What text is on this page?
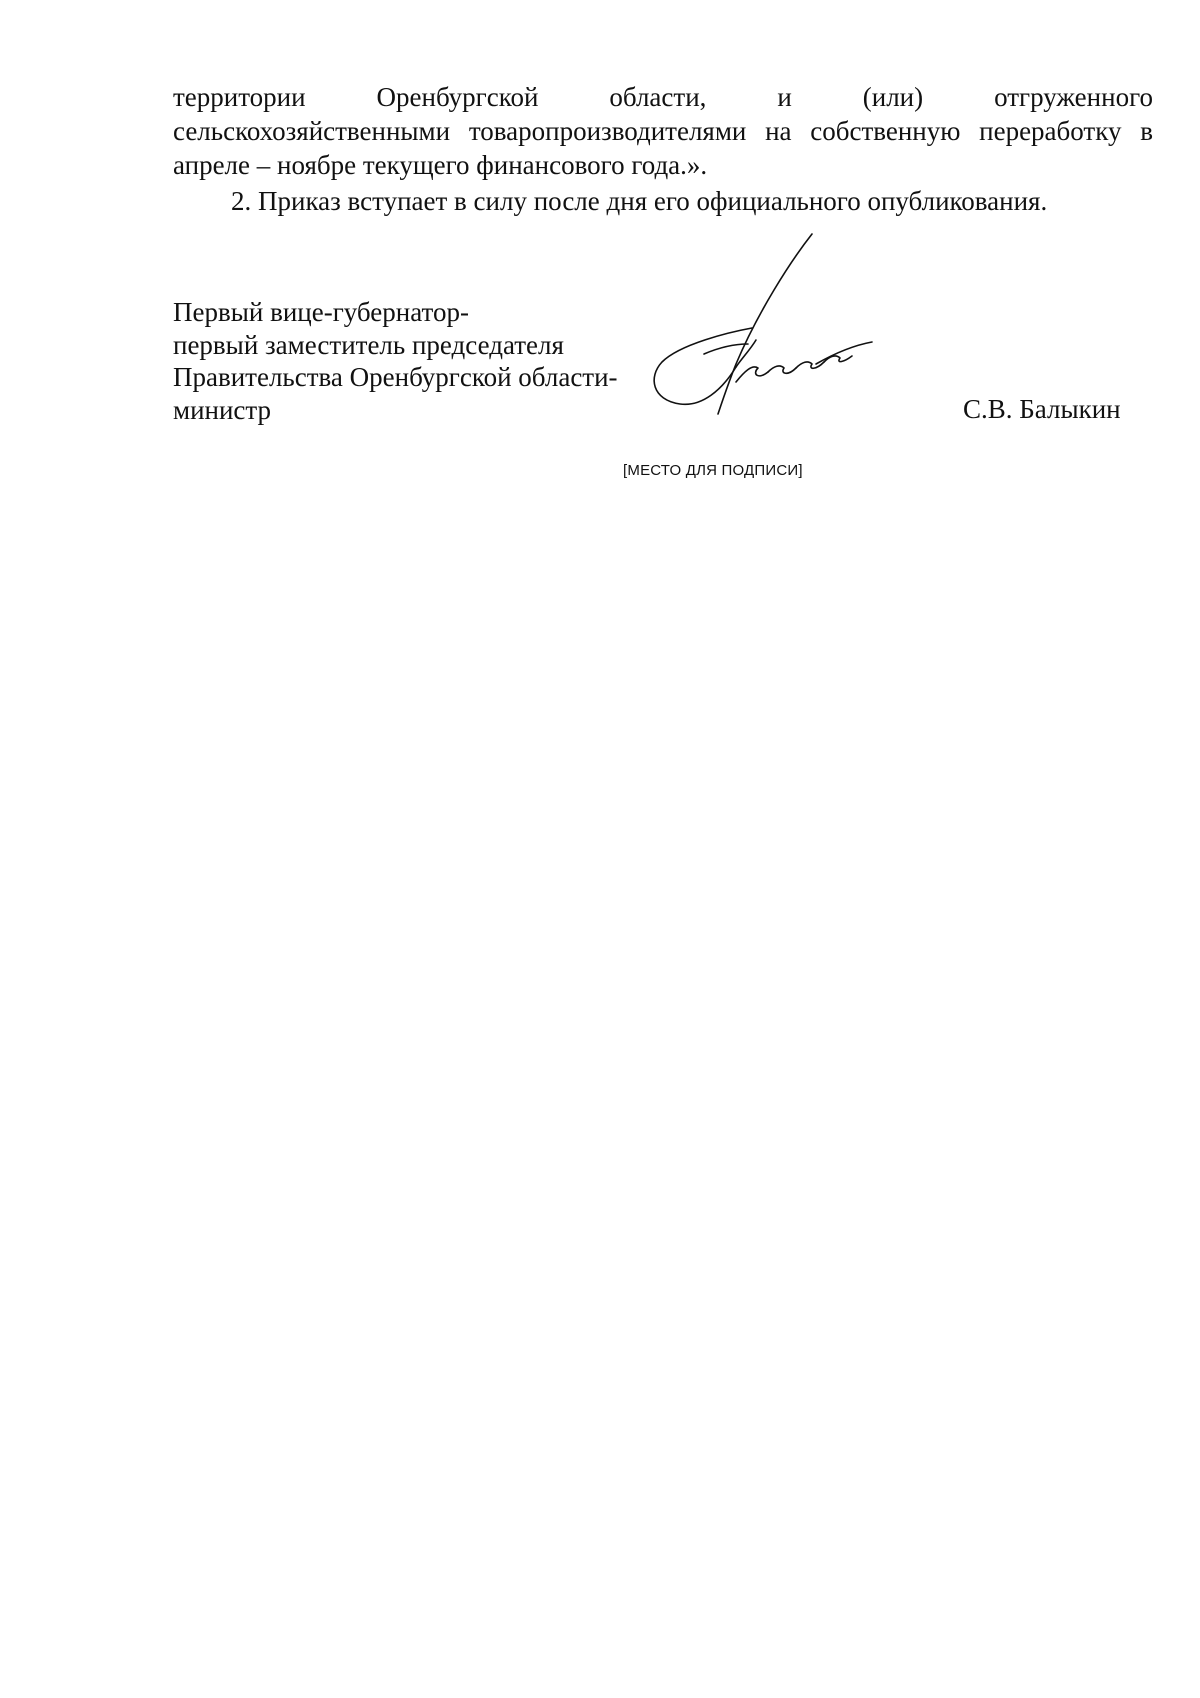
территории	Оренбургской	области,	и	(или)	отгруженного
сельскохозяйственными товаропроизводителями на собственную переработку в
апреле – ноябре текущего финансового года.».
2. Приказ вступает в силу после дня его официального опубликования.
Первый вице-губернатор-
первый заместитель председателя
Правительства Оренбургской области-
министр	С.В. Балыкин
[МЕСТО ДЛЯ ПОДПИСИ]
